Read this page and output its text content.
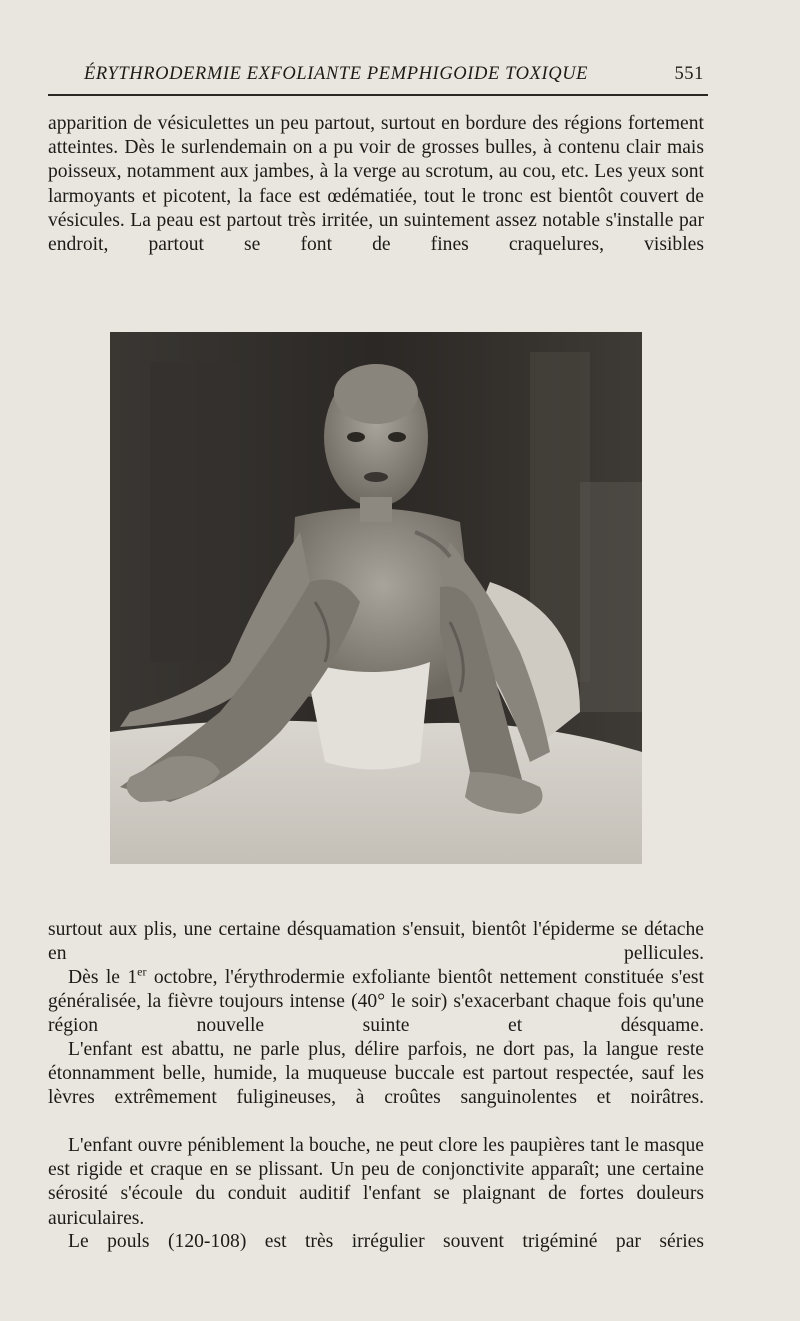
ÉRYTHRODERMIE EXFOLIANTE PEMPHIGOIDE TOXIQUE	551

apparition de vésiculettes un peu partout, surtout en bordure des régions fortement atteintes. Dès le surlendemain on a pu voir de grosses bulles, à contenu clair mais poisseux, notamment aux jambes, à la verge au scrotum, au cou, etc. Les yeux sont larmoyants et picotent, la face est œdématiée, tout le tronc est bientôt couvert de vésicules. La peau est partout très irritée, un suintement assez notable s'installe par endroit, partout se font de fines craquelures, visibles

surtout aux plis, une certaine désquamation s'ensuit, bientôt l'épiderme se détache en pellicules.

Dès le 1er octobre, l'érythrodermie exfoliante bientôt nettement constituée s'est généralisée, la fièvre toujours intense (40° le soir) s'exacerbant chaque fois qu'une région nouvelle suinte et désquame.

L'enfant est abattu, ne parle plus, délire parfois, ne dort pas, la langue reste étonnamment belle, humide, la muqueuse buccale est partout respectée, sauf les lèvres extrêmement fuligineuses, à croûtes sanguinolentes et noirâtres.

L'enfant ouvre péniblement la bouche, ne peut clore les paupières tant le masque est rigide et craque en se plissant. Un peu de conjonctivite apparaît; une certaine sérosité s'écoule du conduit auditif l'enfant se plaignant de fortes douleurs auriculaires.

Le pouls (120-108) est très irrégulier souvent trigéminé par séries
